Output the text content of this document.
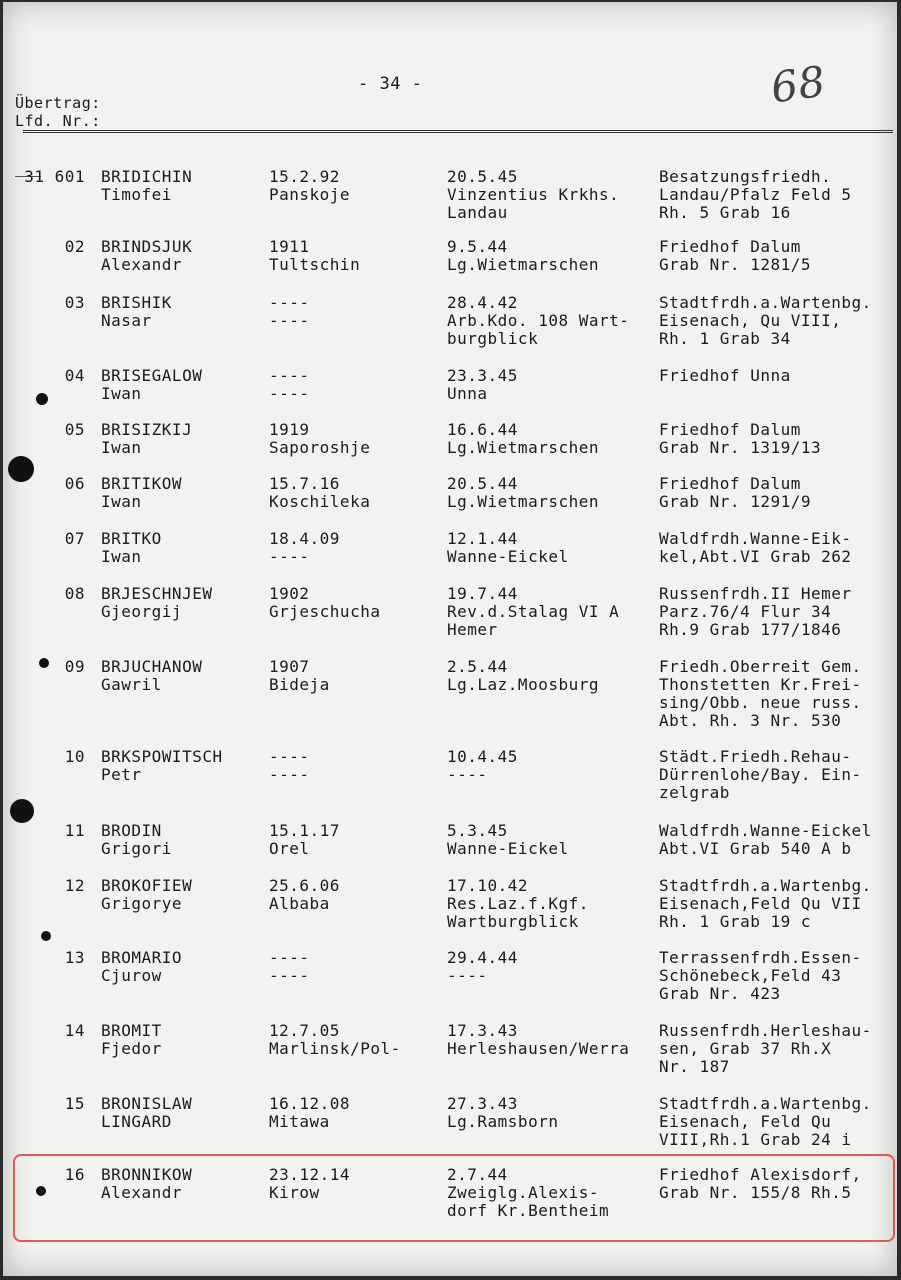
- 34 -	68
Übertrag:
Lfd. Nr.:
31 601 BRIDICHIN
Timofei
15.2.92
Panskoje
20.5.45
Vinzentius Krkhs.
Landau
Besatzungsfriedh.
Landau/Pfalz Feld 5
Rh. 5 Grab 16
02 BRINDSJUK
Alexandr
1911
Tultschin
9.5.44
Lg.Wietmarschen
Friedhof Dalum
Grab Nr. 1281/5
03 BRISHIK
Nasar
----
----
28.4.42
Arb.Kdo. 108 Wart-
burgblick
Stadtfrdh.a.Wartenbg.
Eisenach, Qu VIII,
Rh. 1 Grab 34
04 BRISEGALOW
Iwan
----
----
23.3.45
Unna
Friedhof Unna
05 BRISIZKIJ
Iwan
1919
Saporoshje
16.6.44
Lg.Wietmarschen
Friedhof Dalum
Grab Nr. 1319/13
06 BRITIKOW
Iwan
15.7.16
Koschileka
20.5.44
Lg.Wietmarschen
Friedhof Dalum
Grab Nr. 1291/9
07 BRITKO
Iwan
18.4.09
----
12.1.44
Wanne-Eickel
Waldfrdh.Wanne-Eik-
kel,Abt.VI Grab 262
08 BRJESCHNJEW
Gjeorgij
1902
Grjeschucha
19.7.44
Rev.d.Stalag VI A
Hemer
Russenfrdh.II Hemer
Parz.76/4 Flur 34
Rh.9 Grab 177/1846
09 BRJUCHANOW
Gawril
1907
Bideja
2.5.44
Lg.Laz.Moosburg
Friedh.Oberreit Gem.
Thonstetten Kr.Frei-
sing/Obb. neue russ.
Abt. Rh. 3 Nr. 530
10 BRKSPOWITSCH
Petr
----
----
10.4.45
----
Städt.Friedh.Rehau-
Dürrenlohe/Bay. Ein-
zelgrab
11 BRODIN
Grigori
15.1.17
Orel
5.3.45
Wanne-Eickel
Waldfrdh.Wanne-Eickel
Abt.VI Grab 540 A b
12 BROKOFIEW
Grigorye
25.6.06
Albaba
17.10.42
Res.Laz.f.Kgf.
Wartburgblick
Stadtfrdh.a.Wartenbg.
Eisenach,Feld Qu VII
Rh. 1 Grab 19 c
13 BROMARIO
Cjurow
----
----
29.4.44
----
Terrassenfrdh.Essen-
Schönebeck,Feld 43
Grab Nr. 423
14 BROMIT
Fjedor
12.7.05
Marlinsk/Pol-
17.3.43
Herleshausen/Werra
Russenfrdh.Herleshau-
sen, Grab 37 Rh.X
Nr. 187
15 BRONISLAW
LINGARD
16.12.08
Mitawa
27.3.43
Lg.Ramsborn
Stadtfrdh.a.Wartenbg.
Eisenach, Feld Qu
VIII,Rh.1 Grab 24 i
16 BRONNIKOW
Alexandr
23.12.14
Kirow
2.7.44
Zweiglg.Alexis-
dorf Kr.Bentheim
Friedhof Alexisdorf,
Grab Nr. 155/8 Rh.5
